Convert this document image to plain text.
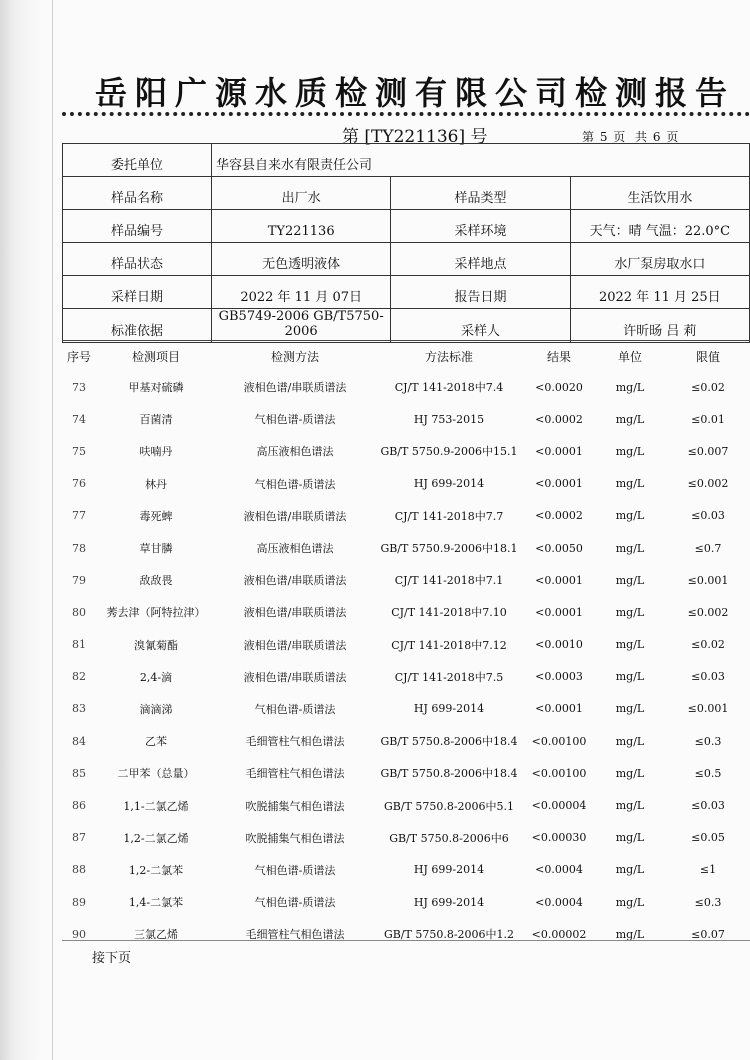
岳阳广源水质检测有限公司检测报告
第 [TY221136] 号	第 5 页 共 6 页
委托单位	华容县自来水有限责任公司		
样品名称	出厂水	样品类型	生活饮用水
样品编号	TY221136	采样环境	天气：晴 气温：22.0°C
样品状态	无色透明液体	采样地点	水厂泵房取水口
采样日期	2022 年 11 月 07日	报告日期	2022 年 11 月 25日
标准依据	GB5749-2006 GB/T5750-2006	采样人	许昕旸 吕 莉
序号	检测项目	检测方法	方法标准	结果	单位	限值
73	甲基对硫磷	液相色谱/串联质谱法	CJ/T 141-2018中7.4	<0.0020	mg/L	≤0.02
74	百菌清	气相色谱-质谱法	HJ 753-2015	<0.0002	mg/L	≤0.01
75	呋喃丹	高压液相色谱法	GB/T 5750.9-2006中15.1	<0.0001	mg/L	≤0.007
76	林丹	气相色谱-质谱法	HJ 699-2014	<0.0001	mg/L	≤0.002
77	毒死蜱	液相色谱/串联质谱法	CJ/T 141-2018中7.7	<0.0002	mg/L	≤0.03
78	草甘膦	高压液相色谱法	GB/T 5750.9-2006中18.1	<0.0050	mg/L	≤0.7
79	敌敌畏	液相色谱/串联质谱法	CJ/T 141-2018中7.1	<0.0001	mg/L	≤0.001
80	莠去津（阿特拉津）	液相色谱/串联质谱法	CJ/T 141-2018中7.10	<0.0001	mg/L	≤0.002
81	溴氰菊酯	液相色谱/串联质谱法	CJ/T 141-2018中7.12	<0.0010	mg/L	≤0.02
82	2,4-滴	液相色谱/串联质谱法	CJ/T 141-2018中7.5	<0.0003	mg/L	≤0.03
83	滴滴涕	气相色谱-质谱法	HJ 699-2014	<0.0001	mg/L	≤0.001
84	乙苯	毛细管柱气相色谱法	GB/T 5750.8-2006中18.4	<0.00100	mg/L	≤0.3
85	二甲苯（总量）	毛细管柱气相色谱法	GB/T 5750.8-2006中18.4	<0.00100	mg/L	≤0.5
86	1,1-二氯乙烯	吹脱捕集气相色谱法	GB/T 5750.8-2006中5.1	<0.00004	mg/L	≤0.03
87	1,2-二氯乙烯	吹脱捕集气相色谱法	GB/T 5750.8-2006中6	<0.00030	mg/L	≤0.05
88	1,2-二氯苯	气相色谱-质谱法	HJ 699-2014	<0.0004	mg/L	≤1
89	1,4-二氯苯	气相色谱-质谱法	HJ 699-2014	<0.0004	mg/L	≤0.3
90	三氯乙烯	毛细管柱气相色谱法	GB/T 5750.8-2006中1.2	<0.00002	mg/L	≤0.07
接下页
